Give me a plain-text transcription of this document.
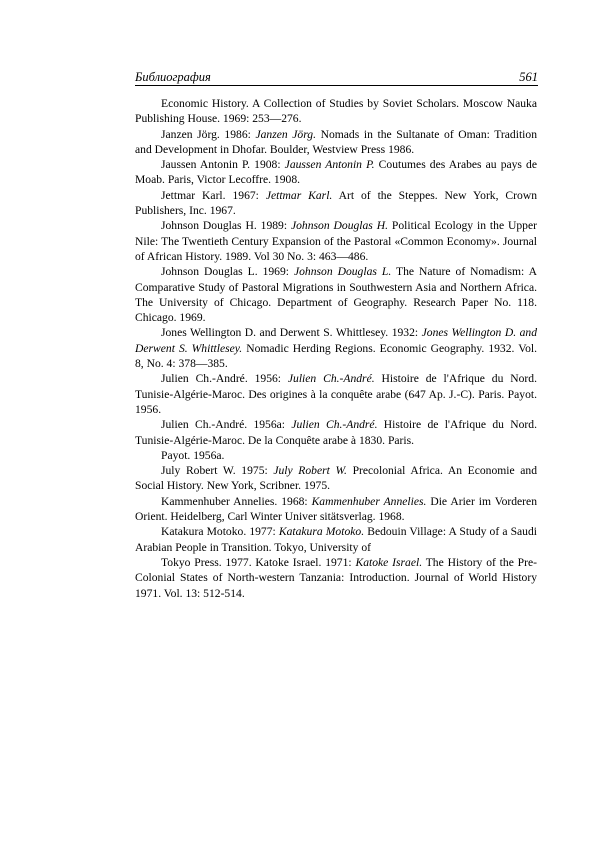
Библиография	561

Economic History. A Collection of Studies by Soviet Scholars. Moscow Nauka Publishing House. 1969: 253—276.

Janzen Jörg. 1986: Janzen Jörg. Nomads in the Sultanate of Oman: Tradition and Development in Dhofar. Boulder, Westview Press 1986.

Jaussen Antonin P. 1908: Jaussen Antonin P. Coutumes des Arabes au pays de Moab. Paris, Victor Lecoffre. 1908.

Jettmar Karl. 1967: Jettmar Karl. Art of the Steppes. New York, Crown Publishers, Inc. 1967.

Johnson Douglas H. 1989: Johnson Douglas H. Political Ecology in the Upper Nile: The Twentieth Century Expansion of the Pastoral «Common Economy». Journal of African History. 1989. Vol 30 No. 3: 463—486.

Johnson Douglas L. 1969: Johnson Douglas L. The Nature of Nomadism: A Comparative Study of Pastoral Migrations in Southwestern Asia and Northern Africa. The University of Chicago. Department of Geography. Research Paper No. 118. Chicago. 1969.

Jones Wellington D. and Derwent S. Whittlesey. 1932: Jones Wellington D. and Derwent S. Whittlesey. Nomadic Herding Regions. Economic Geography. 1932. Vol. 8, No. 4: 378—385.

Julien Ch.-André. 1956: Julien Ch.-André. Histoire de l'Afrique du Nord. Tunisie-Algérie-Maroc. Des origines à la conquête arabe (647 Ap. J.-C). Paris. Payot. 1956.

Julien Ch.-André. 1956a: Julien Ch.-André. Histoire de l'Afrique du Nord. Tunisie-Algérie-Maroc. De la Conquête arabe à 1830. Paris.

Payot. 1956a.

July Robert W. 1975: July Robert W. Precolonial Africa. An Economie and Social History. New York, Scribner. 1975.

Kammenhuber Annelies. 1968: Kammenhuber Annelies. Die Arier im Vorderen Orient. Heidelberg, Carl Winter Univer sitätsverlag. 1968.

Katakura Motoko. 1977: Katakura Motoko. Bedouin Village: A Study of a Saudi Arabian People in Transition. Tokyo, University of

Tokyo Press. 1977. Katoke Israel. 1971: Katoke Israel. The History of the Pre-Colonial States of North-western Tanzania: Introduction. Journal of World History 1971. Vol. 13: 512-514.
